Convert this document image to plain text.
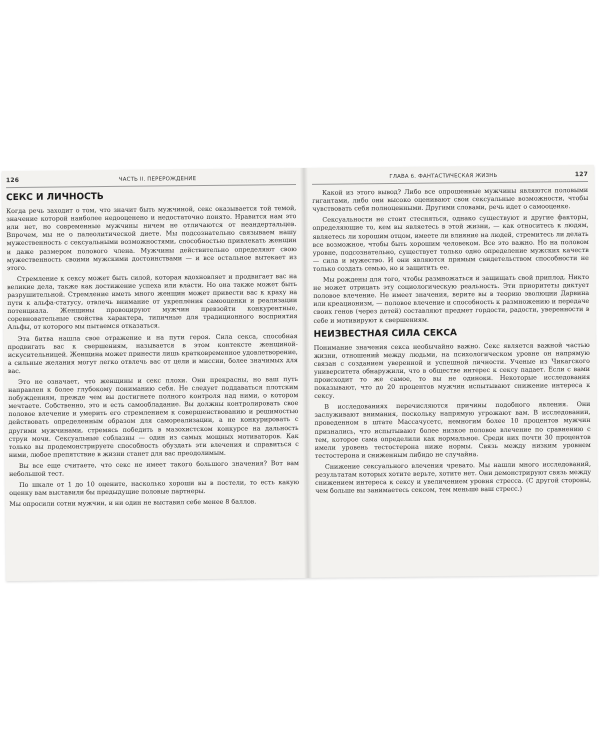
126	ЧАСТЬ II. ПЕРЕРОЖДЕНИЕ
СЕКС И ЛИЧНОСТЬ

Когда речь заходит о том, что значит быть мужчиной, секс оказывается той темой, значение которой наиболее недооценено и недостаточно понято. Нравится нам это или нет, но современные мужчины ничем не отличаются от неандертальцев. Впрочем, мы не о палеолитической диете. Мы подсознательно связываем нашу мужественность с сексуальными возможностями, способностью привлекать женщин и даже размером полового члена. Мужчины действительно определяют свою мужественность своими мужскими достоинствами — и все остальное вытекает из этого.

Стремление к сексу может быть силой, которая вдохновляет и продвигает вас на великие дела, также как достижение успеха или власти. Но она также может быть разрушительной. Стремление иметь много женщин может привести вас к краху на пути к альфа-статусу, отвлечь внимание от укрепления самооценки и реализации потенциала. Женщины провоцируют мужчин превзойти конкурентные, соревновательные свойства характера, типичные для традиционного восприятия Альфы, от которого мы пытаемся отказаться.

Эта битва нашла свое отражение и на пути героя. Сила секса, способная продвигать вас к свершениям, называется в этом контексте женщиной-искусительницей. Женщина может принести лишь кратковременное удовлетворение, а сильные желания могут легко отвлечь вас от цели и миссии, более значимых для вас.

Это не означает, что женщины и секс плохи. Они прекрасны, но ваш путь направлен к более глубокому пониманию себя. Не следует поддаваться плотским побуждениям, прежде чем вы достигнете полного контроля над ними, о котором мечтаете. Собственно, это и есть самообладание. Вы должны контролировать свое половое влечение и умерить его стремлением к совершенствованию и решимостью действовать определенным образом для самореализации, а не конкурировать с другими мужчинами, стремясь победить в мазохистском конкурсе на дальность струи мочи. Сексуальные соблазны — один из самых мощных мотиваторов. Как только вы продемонстрируете способность обуздать эти влечения и справиться с ними, любое препятствие в жизни станет для вас преодолимым.

Вы все еще считаете, что секс не имеет такого большого значения? Вот вам небольшой тест.

По шкале от 1 до 10 оцените, насколько хороши вы в постели, то есть какую оценку вам выставили бы предыдущие половые партнеры.

Мы опросили сотни мужчин, и ни один не выставил себе менее 8 баллов.

ГЛАВА 6. ФАНТАСТИЧЕСКАЯ ЖИЗНЬ	127

Какой из этого вывод? Либо все опрошенные мужчины являются половыми гигантами, либо они высоко оценивают свои сексуальные возможности, чтобы чувствовать себя полноценными. Другими словами, речь идет о самооценке.

Сексуальности не стоит стесняться, однако существуют и другие факторы, определяющие то, кем вы являетесь в этой жизни, — как относитесь к людям, являетесь ли хорошим отцом, имеете ли влияние на людей, стремитесь ли делать все возможное, чтобы быть хорошим человеком. Все это важно. Но на половом уровне, подсознательно, существует только одно определение мужских качеств — сила и мужество. И они являются прямым свидетельством способности не только создать семью, но и защитить ее.

Мы рождены для того, чтобы размножаться и защищать свой приплод. Никто не может отрицать эту социологическую реальность. Эти приоритеты диктует половое влечение. Не имеет значения, верите вы в теорию эволюции Дарвина или креационизм, — половое влечение и способность к размножению и передаче своих генов (через детей) составляют предмет гордости, радости, уверенности в себе и мотивируют к свершениям.

НЕИЗВЕСТНАЯ СИЛА СЕКСА

Понимание значения секса необычайно важно. Секс является важной частью жизни, отношений между людьми, на психологическом уровне он напрямую связан с созданием уверенной и успешной личности. Ученые из Чикагского университета обнаружили, что в обществе интерес к сексу падает. Если с вами происходит то же самое, то вы не одиноки. Некоторые исследования показывают, что до 20 процентов мужчин испытывают снижение интереса к сексу.

В исследованиях перечисляются причины подобного явления. Они заслуживают внимания, поскольку напрямую угрожают вам. В исследовании, проведенном в штате Массачусетс, немногим более 10 процентов мужчин признались, что испытывают более низкое половое влечение по сравнению с тем, которое сама определили как нормальное. Среди них почти 30 процентов имели уровень тестостерона ниже нормы. Связь между низким уровнем тестостерона и сниженным либидо не случайна.

Снижение сексуального влечения чревато. Мы нашли много исследований, результатам которых хотите верьте, хотите нет. Они демонстрируют связь между снижением интереса к сексу и увеличением уровня стресса. (С другой стороны, чем больше вы занимаетесь сексом, тем меньше ваш стресс.)
